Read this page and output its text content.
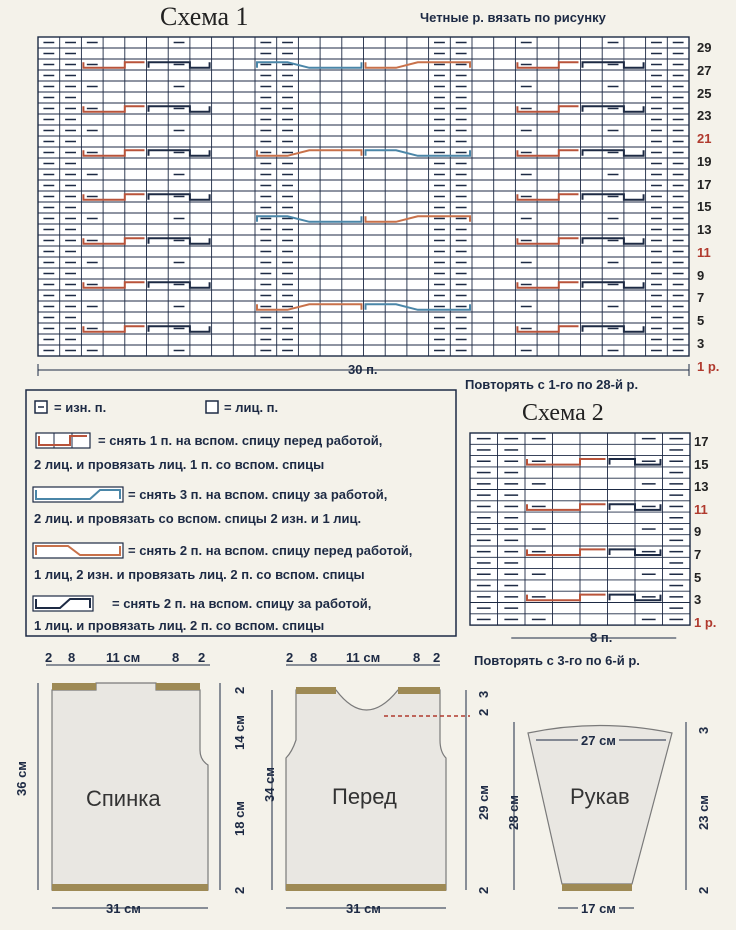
Схема 1	Четные р. вязать по рисунку
29
27
25
23
21
19
17
15
13
11
9
7
5
3
1 р.
30 п.
Повторять с 1-го по 28-й р.
= изн. п.	= лиц. п.
= снять 1 п. на вспом. спицу перед работой,
2 лиц. и провязать лиц. 1 п. со вспом. спицы
= снять 3 п. на вспом. спицу за работой,
2 лиц. и провязать со вспом. спицы 2 изн. и 1 лиц.
= снять 2 п. на вспом. спицу перед работой,
1 лиц, 2 изн. и провязать лиц. 2 п. со вспом. спицы
= снять 2 п. на вспом. спицу за работой,
1 лиц. и провязать лиц. 2 п. со вспом. спицы
Схема 2
17
15
13
11
9
7
5
3
1 р.
8 п.
Повторять с 3-го по 6-й р.
Спинка
2 8 11 см 8 2
36 см
2
14 см
18 см
2
31 см
Перед
2 8 11 см	8 2
34 см
3
2
29 см
2
31 см
Рукав
27 см
28 см
3
23 см
2
17 см
